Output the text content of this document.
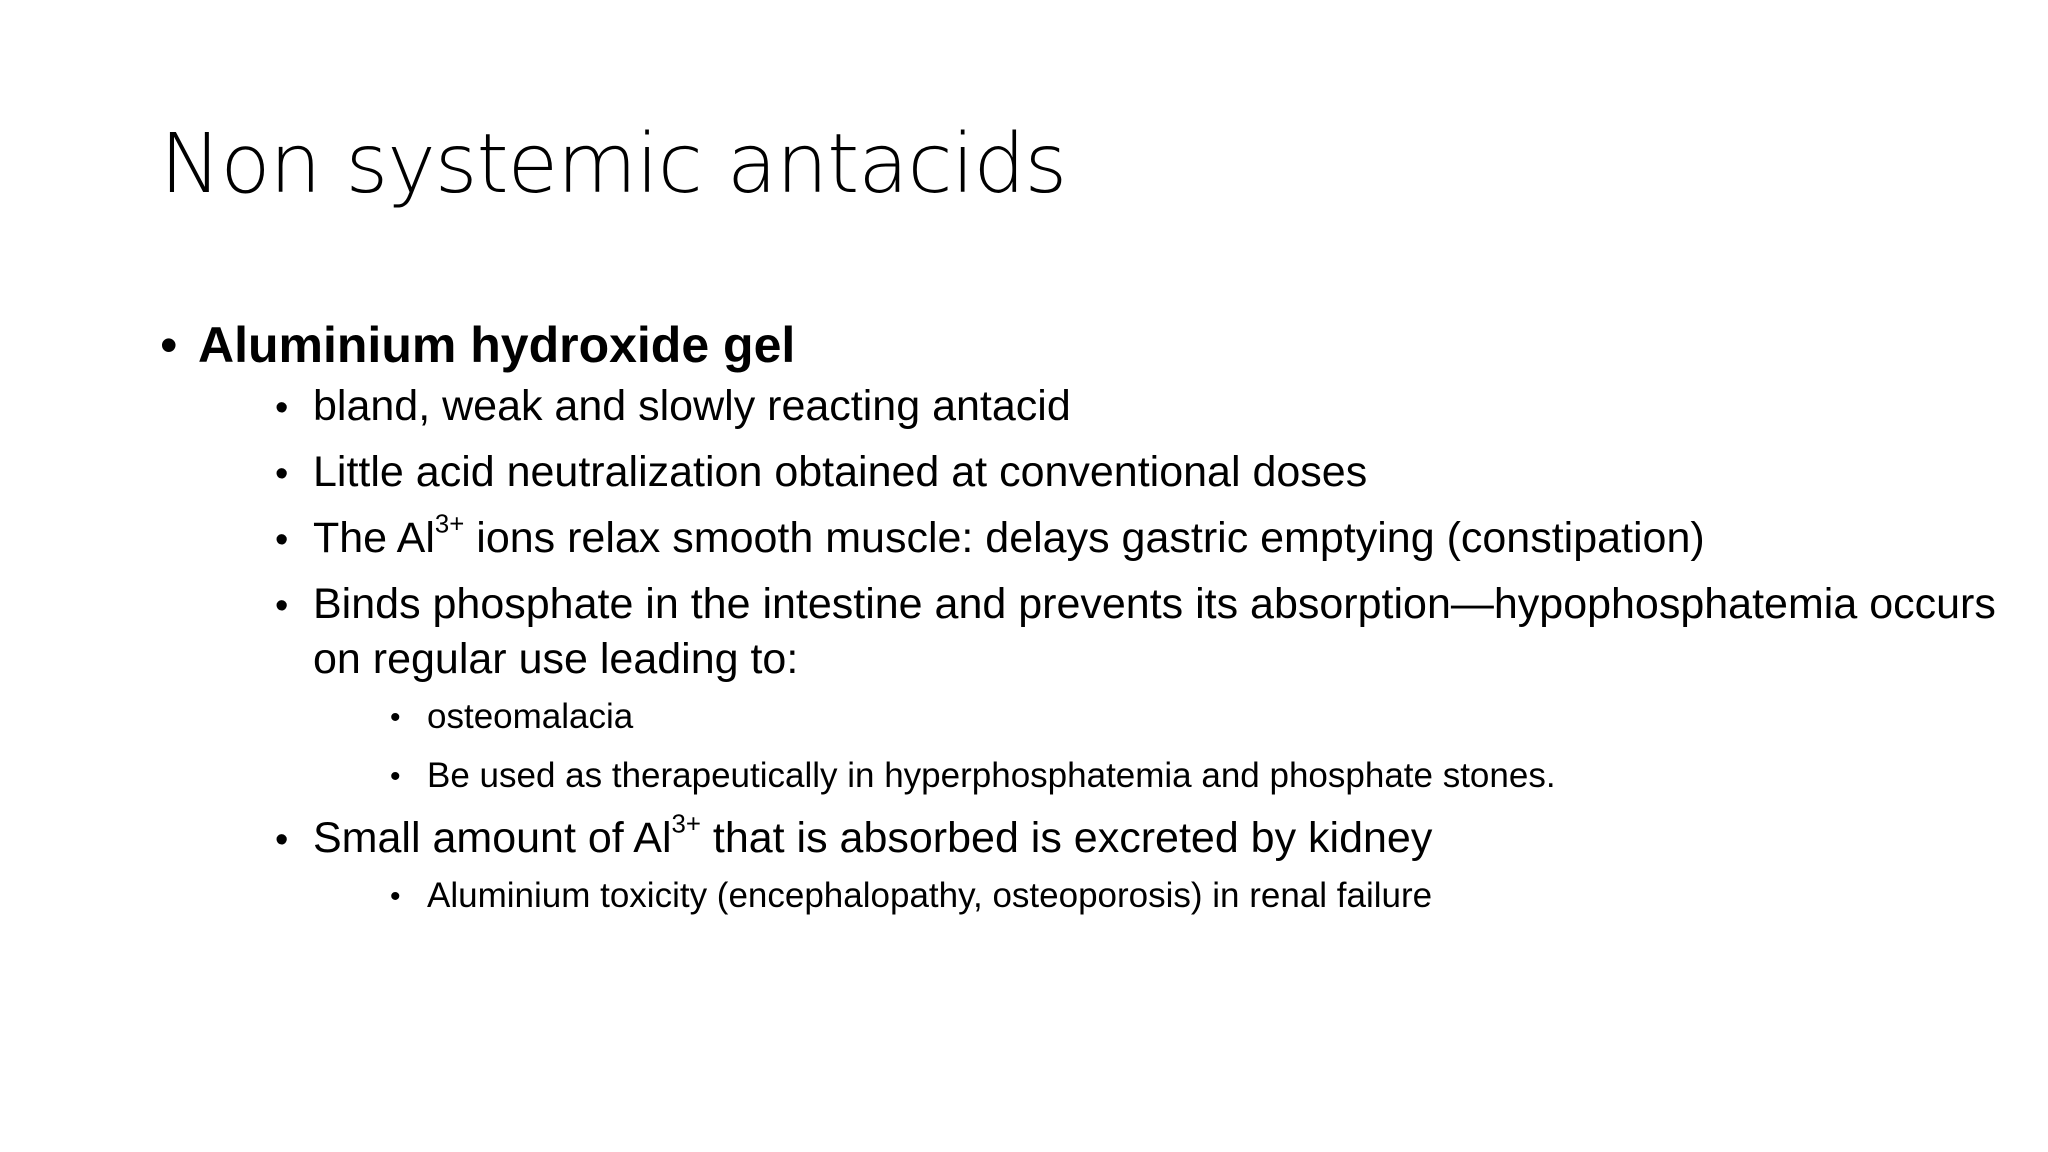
Non systemic antacids
• Aluminium hydroxide gel
• bland, weak and slowly reacting antacid
• Little acid neutralization obtained at conventional doses
• The $Al^{3+}$ ions relax smooth muscle: delays gastric emptying (constipation)
• Binds phosphate in the intestine and prevents its absorption—hypophosphatemia occurs on regular use leading to:
• osteomalacia
• Be used as therapeutically in hyperphosphatemia and phosphate stones.
• Small amount of $Al^{3+}$ that is absorbed is excreted by kidney
• Aluminium toxicity (encephalopathy, osteoporosis) in renal failure
